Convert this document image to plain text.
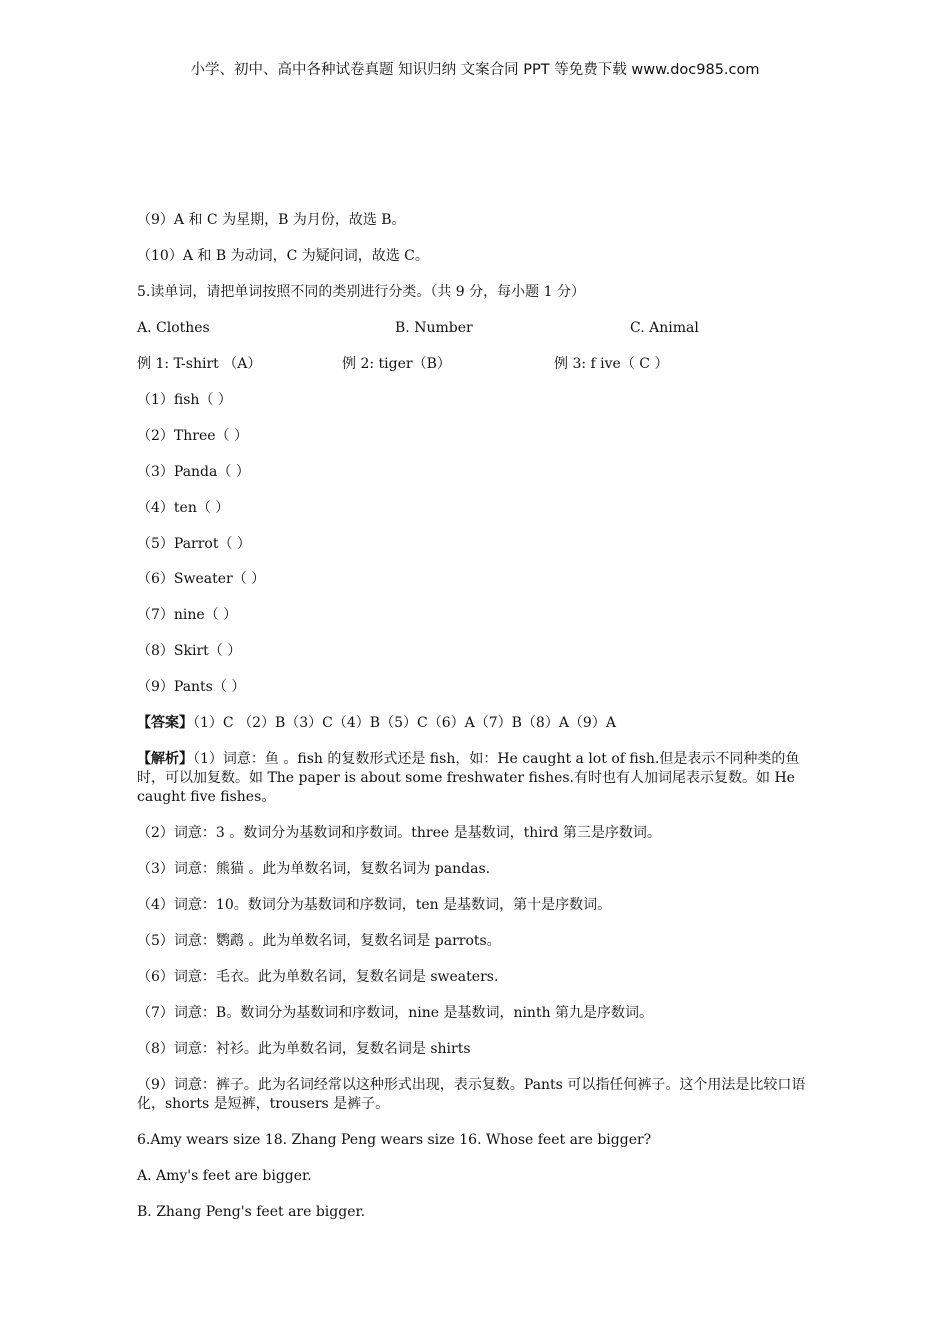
小学、初中、高中各种试卷真题 知识归纳 文案合同 PPT 等免费下载 www.doc985.com
（9）A 和 C 为星期，B 为月份，故选 B。
（10）A 和 B 为动词，C 为疑问词，故选 C。
5.读单词，请把单词按照不同的类别进行分类。（共 9 分，每小题 1 分）
A. Clothes	B. Number	C. Animal
例 1: T-shirt （A）	例 2: tiger（B）	例 3: f ive（ C ）
（1）fish（ ）
（2）Three（ ）
（3）Panda（ ）
（4）ten（ ）
（5）Parrot（ ）
（6）Sweater（ ）
（7）nine（ ）
（8）Skirt（ ）
（9）Pants（ ）
【答案】（1）C （2）B（3）C（4）B（5）C（6）A（7）B（8）A（9）A
【解析】（1）词意：鱼 。fish 的复数形式还是 fish，如：He caught a lot of fish.但是表示不同种类的鱼时，可以加复数。如 The paper is about some freshwater fishes.有时也有人加词尾表示复数。如 He caught five fishes。
（2）词意：3 。数词分为基数词和序数词。three 是基数词，third 第三是序数词。
（3）词意：熊猫 。此为单数名词，复数名词为 pandas.
（4）词意：10。数词分为基数词和序数词，ten 是基数词，第十是序数词。
（5）词意：鹦鹉 。此为单数名词，复数名词是 parrots。
（6）词意：毛衣。此为单数名词，复数名词是 sweaters.
（7）词意：B。数词分为基数词和序数词，nine 是基数词，ninth 第九是序数词。
（8）词意：衬衫。此为单数名词，复数名词是 shirts
（9）词意：裤子。此为名词经常以这种形式出现，表示复数。Pants 可以指任何裤子。这个用法是比较口语化，shorts 是短裤，trousers 是裤子。
6.Amy wears size 18. Zhang Peng wears size 16. Whose feet are bigger?
A. Amy's feet are bigger.
B. Zhang Peng's feet are bigger.
